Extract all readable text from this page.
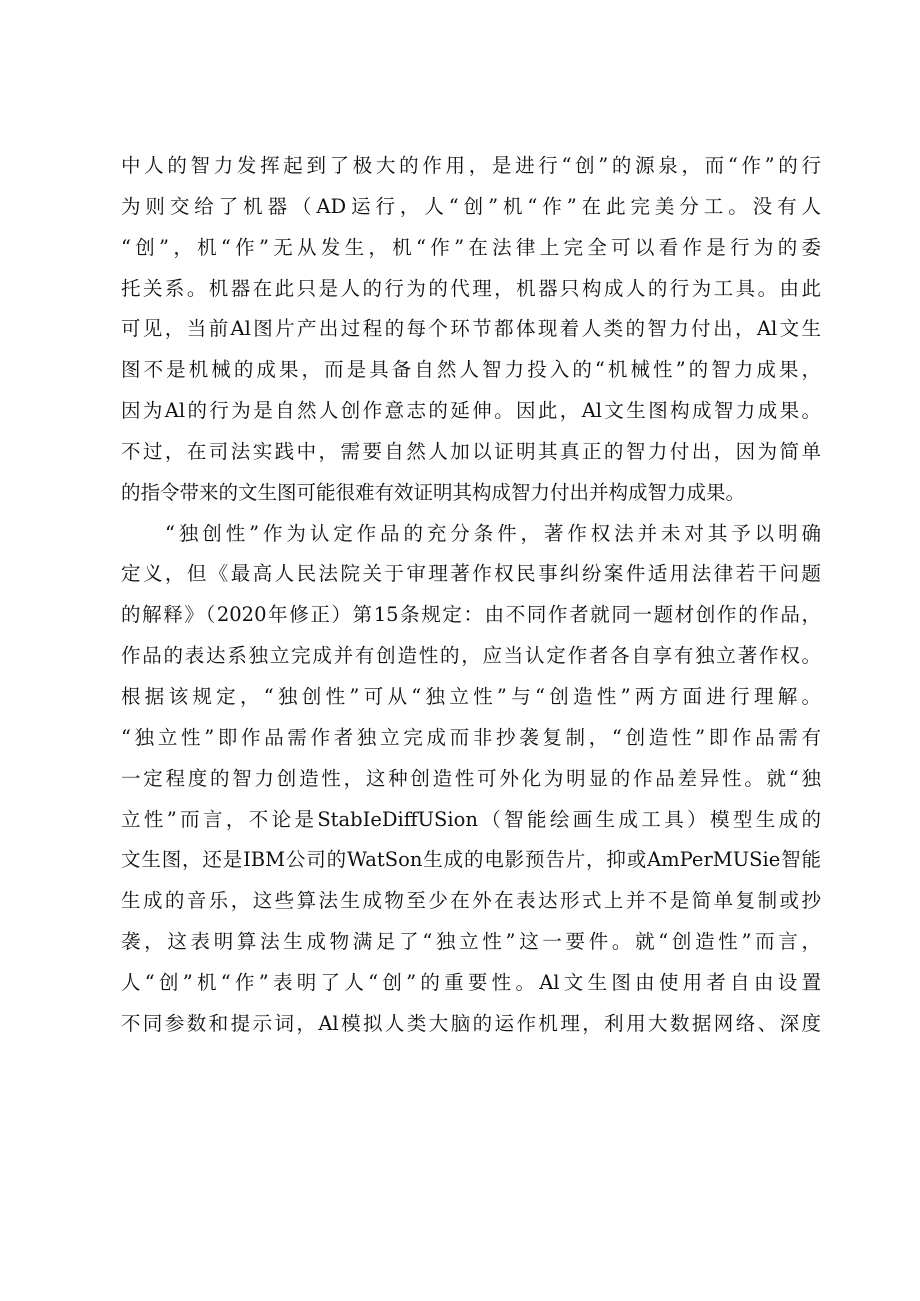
中人的智力发挥起到了极大的作用，是进行“创”的源泉，而“作”的行
为则交给了机器（AD运行，人“创”机“作”在此完美分工。没有人
“创”，机“作”无从发生，机“作”在法律上完全可以看作是行为的委
托关系。机器在此只是人的行为的代理，机器只构成人的行为工具。由此
可见，当前Al图片产出过程的每个环节都体现着人类的智力付出，Al文生
图不是机械的成果，而是具备自然人智力投入的“机械性”的智力成果，
因为Al的行为是自然人创作意志的延伸。因此，Al文生图构成智力成果。
不过，在司法实践中，需要自然人加以证明其真正的智力付出，因为简单
的指令带来的文生图可能很难有效证明其构成智力付出并构成智力成果。
“独创性”作为认定作品的充分条件，著作权法并未对其予以明确
定义，但《最高人民法院关于审理著作权民事纠纷案件适用法律若干问题
的解释》（2020年修正）第15条规定：由不同作者就同一题材创作的作品，
作品的表达系独立完成并有创造性的，应当认定作者各自享有独立著作权。
根据该规定，“独创性”可从“独立性”与“创造性”两方面进行理解。
“独立性”即作品需作者独立完成而非抄袭复制，“创造性”即作品需有
一定程度的智力创造性，这种创造性可外化为明显的作品差异性。就“独
立性”而言，不论是StabIeDiffUSion（智能绘画生成工具）模型生成的
文生图，还是IBM公司的WatSon生成的电影预告片，抑或AmPerMUSie智能
生成的音乐，这些算法生成物至少在外在表达形式上并不是简单复制或抄
袭，这表明算法生成物满足了“独立性”这一要件。就“创造性”而言，
人“创”机“作”表明了人“创”的重要性。Al文生图由使用者自由设置
不同参数和提示词，Al模拟人类大脑的运作机理，利用大数据网络、深度
